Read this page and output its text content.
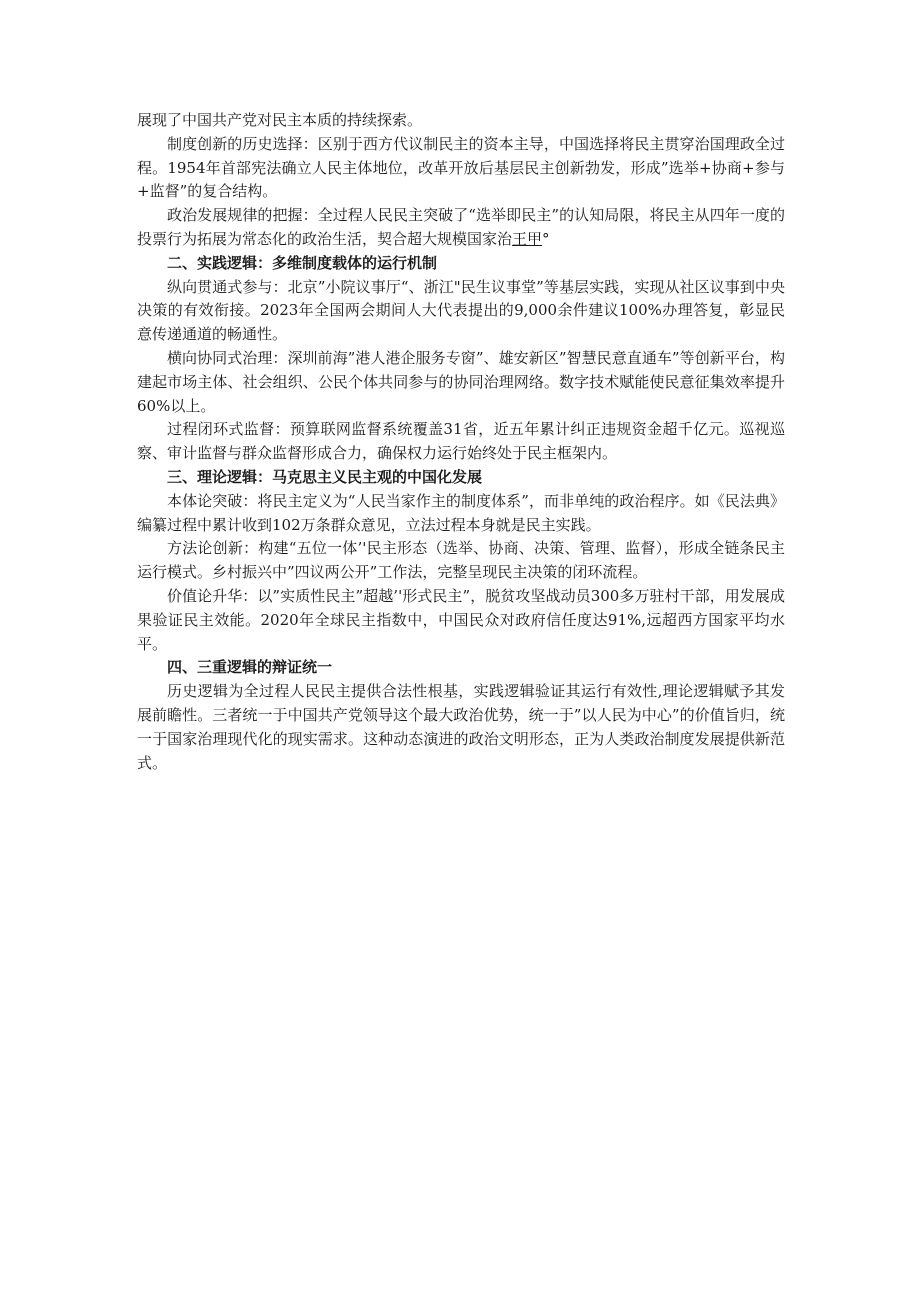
展现了中国共产党对民主本质的持续探索。

制度创新的历史选择：区别于西方代议制民主的资本主导，中国选择将民主贯穿治国理政全过程。1954年首部宪法确立人民主体地位，改革开放后基层民主创新勃发，形成”选举+协商+参与+监督”的复合结构。

政治发展规律的把握：全过程人民民主突破了“选举即民主”的认知局限，将民主从四年一度的投票行为拓展为常态化的政治生活，契合超大规模国家治王甲°

二、实践逻辑：多维制度载体的运行机制

纵向贯通式参与：北京”小院议事厅“、浙江"民生议事堂”等基层实践，实现从社区议事到中央决策的有效衔接。2023年全国两会期间人大代表提出的9,000余件建议100%办理答复，彰显民意传递通道的畅通性。

横向协同式治理：深圳前海”港人港企服务专窗”、雄安新区”智慧民意直通车”等创新平台，构建起市场主体、社会组织、公民个体共同参与的协同治理网络。数字技术赋能使民意征集效率提升60%以上。

过程闭环式监督：预算联网监督系统覆盖31省，近五年累计纠正违规资金超千亿元。巡视巡察、审计监督与群众监督形成合力，确保权力运行始终处于民主框架内。

三、理论逻辑：马克思主义民主观的中国化发展

本体论突破：将民主定义为“人民当家作主的制度体系”，而非单纯的政治程序。如《民法典》编纂过程中累计收到102万条群众意见，立法过程本身就是民主实践。

方法论创新：构建“五位一体’'民主形态（选举、协商、决策、管理、监督），形成全链条民主运行模式。乡村振兴中”四议两公开”工作法，完整呈现民主决策的闭环流程。

价值论升华：以”实质性民主”超越’'形式民主”，脱贫攻坚战动员300多万驻村干部，用发展成果验证民主效能。2020年全球民主指数中，中国民众对政府信任度达91%,远超西方国家平均水平。

四、三重逻辑的辩证统一

历史逻辑为全过程人民民主提供合法性根基，实践逻辑验证其运行有效性,理论逻辑赋予其发展前瞻性。三者统一于中国共产党领导这个最大政治优势，统一于”以人民为中心”的价值旨归，统一于国家治理现代化的现实需求。这种动态演进的政治文明形态，正为人类政治制度发展提供新范式。
